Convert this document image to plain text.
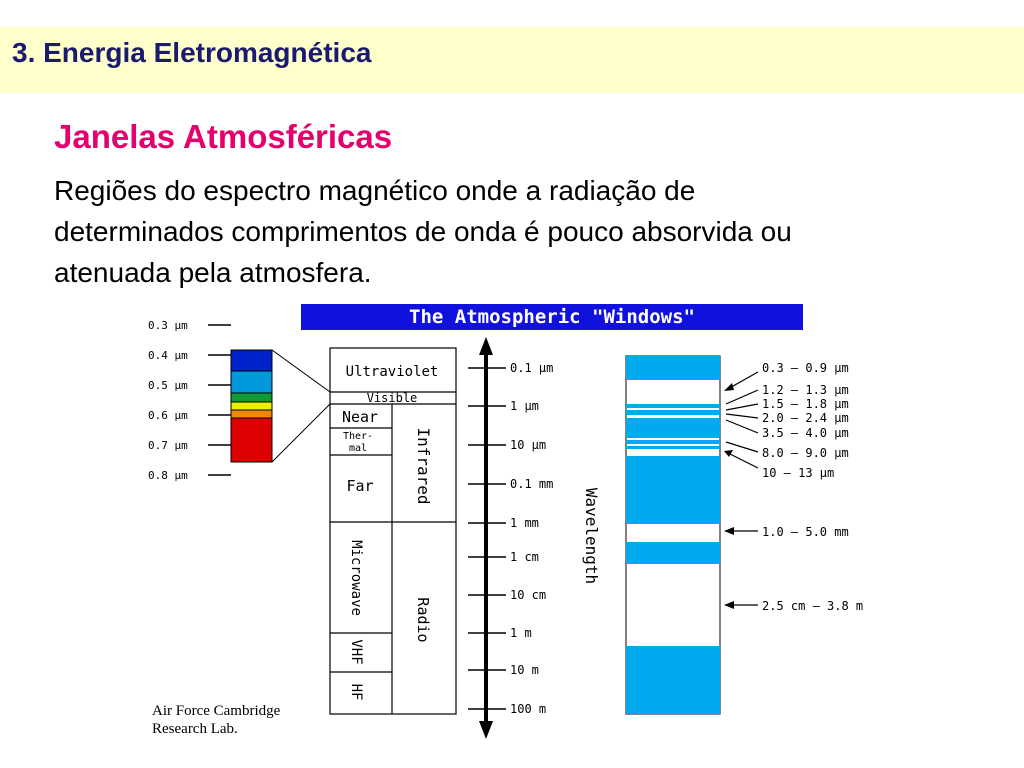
3. Energia Eletromagnética
Janelas Atmosféricas
Regiões do espectro magnético onde a radiação de
determinados comprimentos de onda é pouco absorvida ou
atenuada pela atmosfera.
The Atmospheric "Windows"
0.3 µm
0.4 µm
0.5 µm
0.6 µm
0.7 µm
0.8 µm
Ultraviolet
Visible
Near
Ther-
mal
Far	Infrared
Microwave
VHF
HF
Radio
0.1 µm
1 µm
10 µm
0.1 mm
1 mm
1 cm
10 cm
1 m
10 m
100 m
Wavelength
0.3 – 0.9 µm
1.2 – 1.3 µm
1.5 – 1.8 µm
2.0 – 2.4 µm
3.5 – 4.0 µm
8.0 – 9.0 µm
10 – 13 µm
1.0 – 5.0 mm
2.5 cm – 3.8 m
Air Force Cambridge
Research Lab.
